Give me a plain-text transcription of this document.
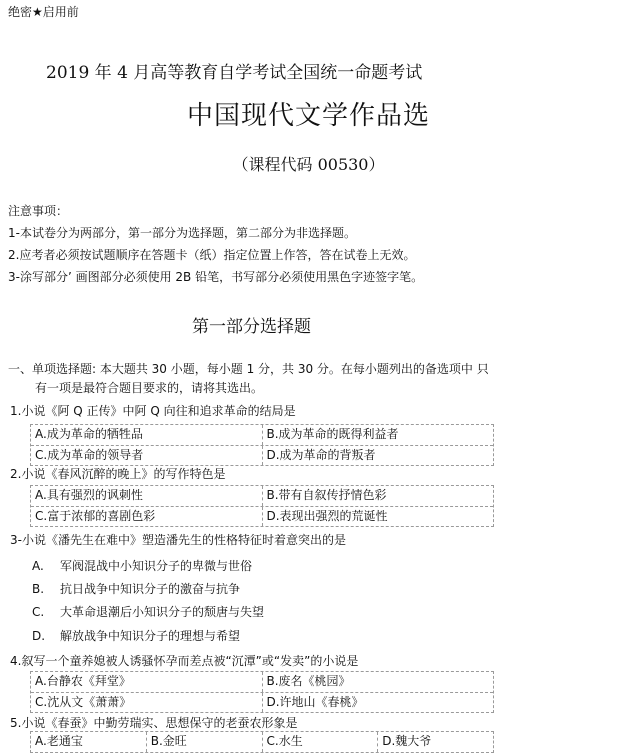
绝密★启用前
2019 年 4 月高等教育自学考试全国统一命题考试
中国现代文学作品选
（课程代码 00530）
注意事项：
1-本试卷分为两部分，第一部分为选择题，第二部分为非选择题。
2.应考者必须按试题顺序在答题卡（纸）指定位置上作答，答在试卷上无效。
3-涂写部分’ 画图部分必须使用 2B 铅笔，书写部分必须使用黑色字迹签字笔。
第一部分选择题
一、单项选择题: 本大题共 30 小题，每小题 1 分，共 30 分。在每小题列出的备选项中 只
有一项是最符合题目要求的，请将其选出。
1.小说《阿 Q 正传》中阿 Q 向往和追求革命的结局是
A.成为革命的牺牲品	B.成为革命的既得利益者
C.成为革命的领导者	D.成为革命的背叛者
2.小说《春风沉醉的晚上》的写作特色是
A.具有强烈的讽刺性	B.带有自叙传抒情色彩
C.富于浓郁的喜剧色彩	D.表现出强烈的荒诞性
3-小说《潘先生在难中》塑造潘先生的性格特征时着意突出的是
A. 军阀混战中小知识分子的卑微与世俗
B. 抗日战争中知识分子的激奋与抗争
C. 大革命退潮后小知识分子的颓唐与失望
D. 解放战争中知识分子的理想与希望
4.叙写一个童养媳被人诱骚怀孕而差点被“沉潭”或“发卖”的小说是
A.台静农《拜堂》	B.废名《桃园》
C.沈从文《萧萧》	D.许地山《春桃》
5.小说《春蚕》中勤劳瑞实、思想保守的老蚕农形象是
A.老通宝	B.金旺	C.水生	D.魏大爷
